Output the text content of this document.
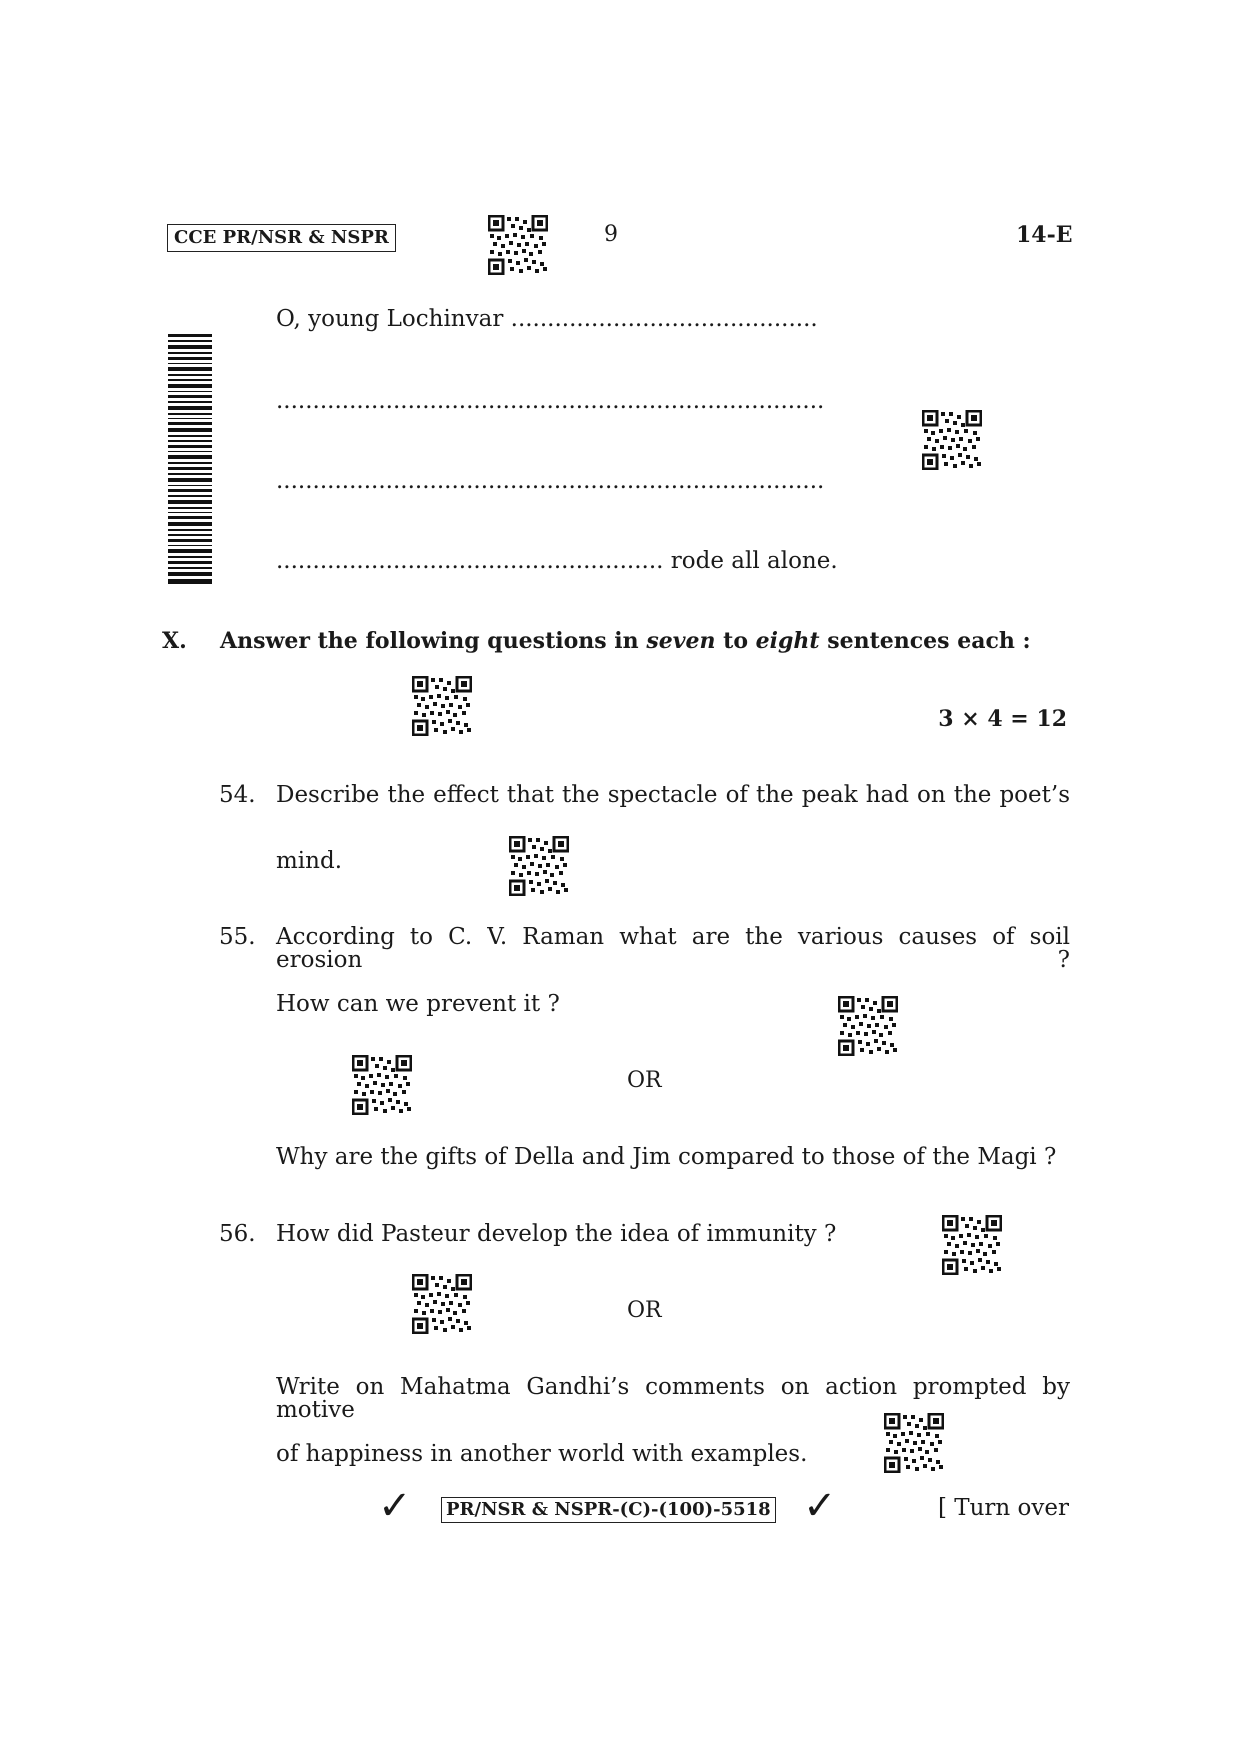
CCE PR/NSR & NSPR	9	14-E
O, young Lochinvar ..........................................
...........................................................................
...........................................................................
..................................................... rode all alone.
X. Answer the following questions in seven to eight sentences each :
3 × 4 = 12
54. Describe the effect that the spectacle of the peak had on the poet’s
mind.
55. According to C. V. Raman what are the various causes of soil erosion ?
How can we prevent it ?
OR
Why are the gifts of Della and Jim compared to those of the Magi ?
56. How did Pasteur develop the idea of immunity ?
OR
Write on Mahatma Gandhi’s comments on action prompted by motive
of happiness in another world with examples.
✓ PR/NSR & NSPR-(C)-(100)-5518 ✓	[ Turn over
